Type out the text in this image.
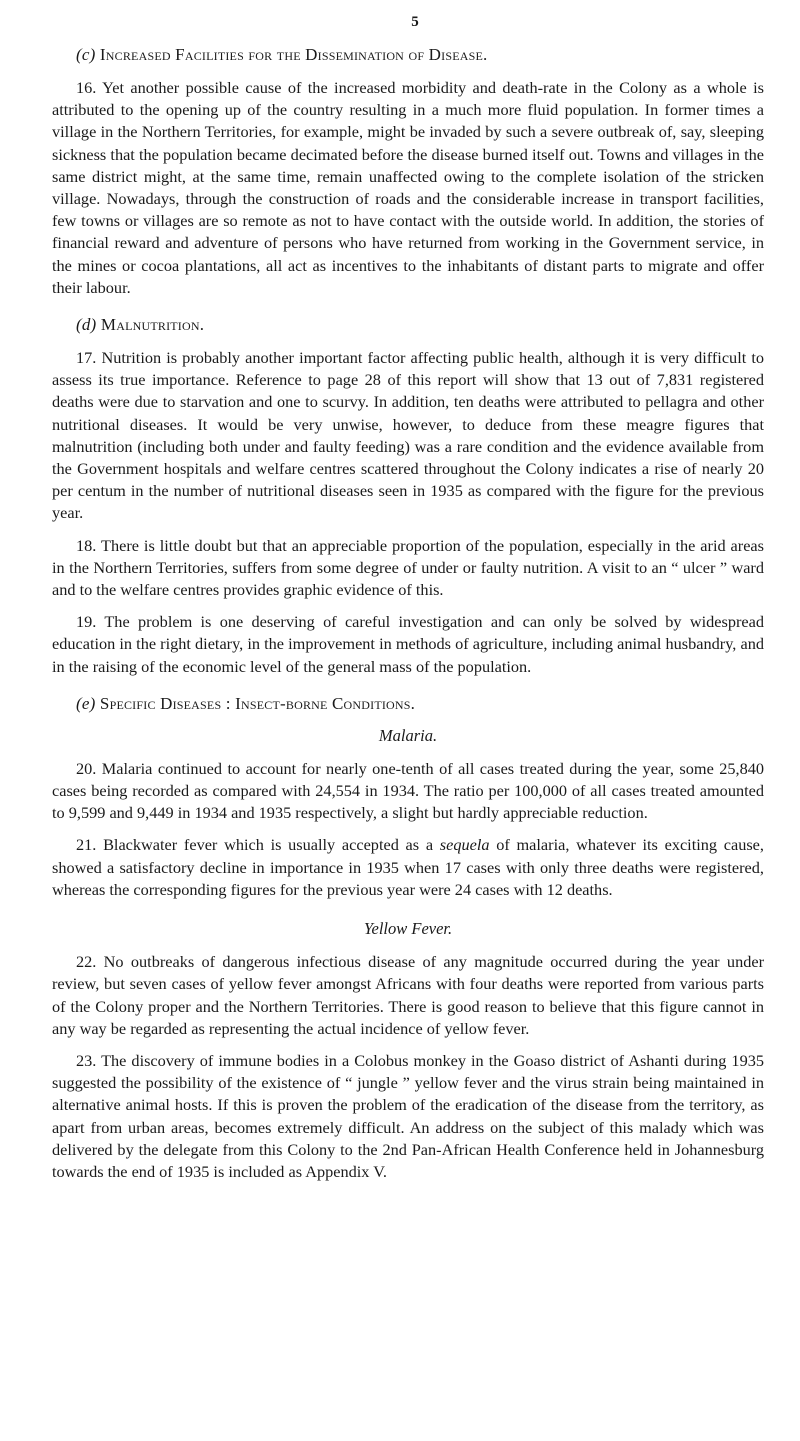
5
(c) Increased Facilities for the Dissemination of Disease.

16. Yet another possible cause of the increased morbidity and death-rate in the Colony as a whole is attributed to the opening up of the country resulting in a much more fluid population. In former times a village in the Northern Territories, for example, might be invaded by such a severe outbreak of, say, sleeping sickness that the population became decimated before the disease burned itself out. Towns and villages in the same district might, at the same time, remain unaffected owing to the complete isolation of the stricken village. Nowadays, through the construction of roads and the considerable increase in transport facilities, few towns or villages are so remote as not to have contact with the outside world. In addition, the stories of financial reward and adventure of persons who have returned from working in the Government service, in the mines or cocoa plantations, all act as incentives to the inhabitants of distant parts to migrate and offer their labour.

(d) Malnutrition.

17. Nutrition is probably another important factor affecting public health, although it is very difficult to assess its true importance. Reference to page 28 of this report will show that 13 out of 7,831 registered deaths were due to starvation and one to scurvy. In addition, ten deaths were attributed to pellagra and other nutritional diseases. It would be very unwise, however, to deduce from these meagre figures that malnutrition (including both under and faulty feeding) was a rare condition and the evidence available from the Government hospitals and welfare centres scattered throughout the Colony indicates a rise of nearly 20 per centum in the number of nutritional diseases seen in 1935 as compared with the figure for the previous year.

18. There is little doubt but that an appreciable proportion of the population, especially in the arid areas in the Northern Territories, suffers from some degree of under or faulty nutrition. A visit to an “ ulcer ” ward and to the welfare centres provides graphic evidence of this.

19. The problem is one deserving of careful investigation and can only be solved by widespread education in the right dietary, in the improvement in methods of agriculture, including animal husbandry, and in the raising of the economic level of the general mass of the population.

(e) Specific Diseases : Insect-borne Conditions.
Malaria.

20. Malaria continued to account for nearly one-tenth of all cases treated during the year, some 25,840 cases being recorded as compared with 24,554 in 1934. The ratio per 100,000 of all cases treated amounted to 9,599 and 9,449 in 1934 and 1935 respectively, a slight but hardly appreciable reduction.

21. Blackwater fever which is usually accepted as a sequela of malaria, whatever its exciting cause, showed a satisfactory decline in importance in 1935 when 17 cases with only three deaths were registered, whereas the corresponding figures for the previous year were 24 cases with 12 deaths.

Yellow Fever.

22. No outbreaks of dangerous infectious disease of any magnitude occurred during the year under review, but seven cases of yellow fever amongst Africans with four deaths were reported from various parts of the Colony proper and the Northern Territories. There is good reason to believe that this figure cannot in any way be regarded as representing the actual incidence of yellow fever.

23. The discovery of immune bodies in a Colobus monkey in the Goaso district of Ashanti during 1935 suggested the possibility of the existence of “ jungle ” yellow fever and the virus strain being maintained in alternative animal hosts. If this is proven the problem of the eradication of the disease from the territory, as apart from urban areas, becomes extremely difficult. An address on the subject of this malady which was delivered by the delegate from this Colony to the 2nd Pan-African Health Conference held in Johannesburg towards the end of 1935 is included as Appendix V.
